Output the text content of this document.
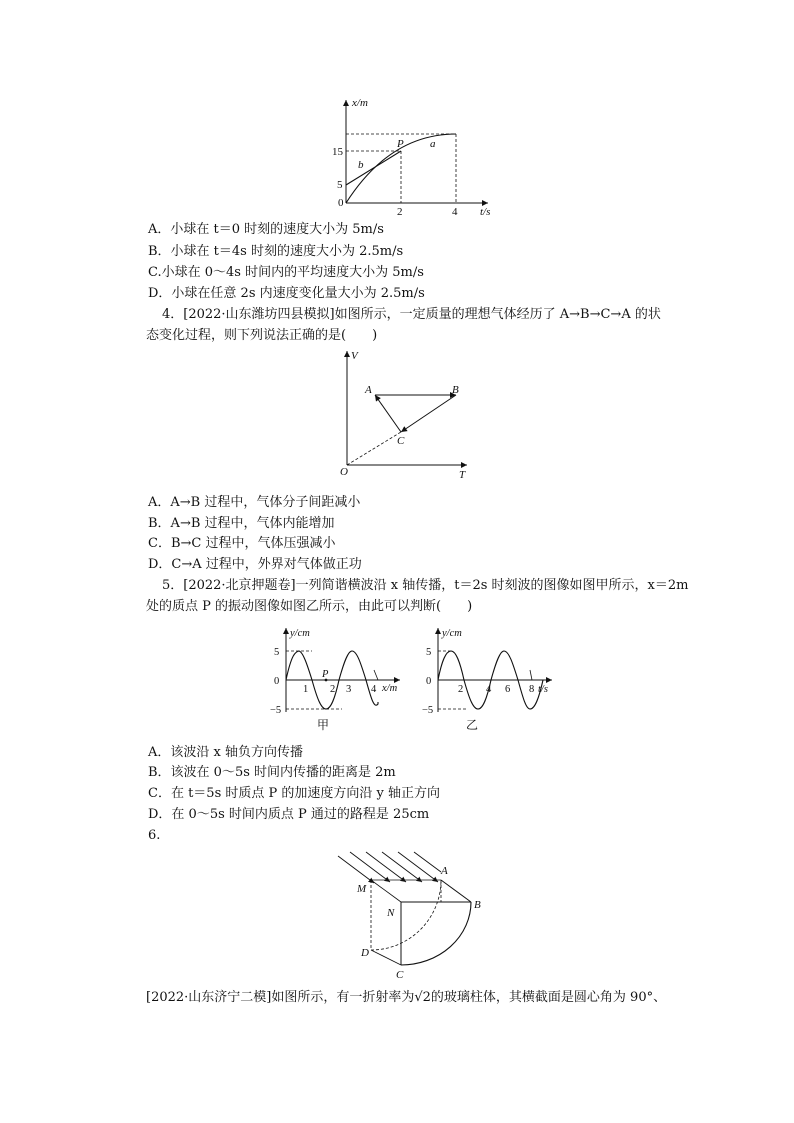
x/m
t/s
15
5
0
2	4
P a
b
A．小球在 t＝0 时刻的速度大小为 5m/s
B．小球在 t＝4s 时刻的速度大小为 2.5m/s
C.小球在 0～4s 时间内的平均速度大小为 5m/s
D．小球在任意 2s 内速度变化量大小为 2.5m/s
4．[2022·山东潍坊四县模拟]如图所示，一定质量的理想气体经历了 A→B→C→A 的状
态变化过程，则下列说法正确的是(　　)
V
T
O
A	B
C
A．A→B 过程中，气体分子间距减小
B．A→B 过程中，气体内能增加
C．B→C 过程中，气体压强减小
D．C→A 过程中，外界对气体做正功
5．[2022·北京押题卷]一列简谐横波沿 x 轴传播，t＝2s 时刻波的图像如图甲所示，x＝2m
处的质点 P 的振动图像如图乙所示，由此可以判断(　　)
y/cm
x/m
5
0
−5
1 2 3 4
P
甲
y/cm
t/s
5
0
−5
2 4 6 8
乙
A．该波沿 x 轴负方向传播
B．该波在 0～5s 时间内传播的距离是 2m
C．在 t＝5s 时质点 P 的加速度方向沿 y 轴正方向
D．在 0～5s 时间内质点 P 通过的路程是 25cm
6.
M
N
A
B
C
D
[2022·山东济宁二模]如图所示，有一折射率为√2的玻璃柱体，其横截面是圆心角为 90°、
